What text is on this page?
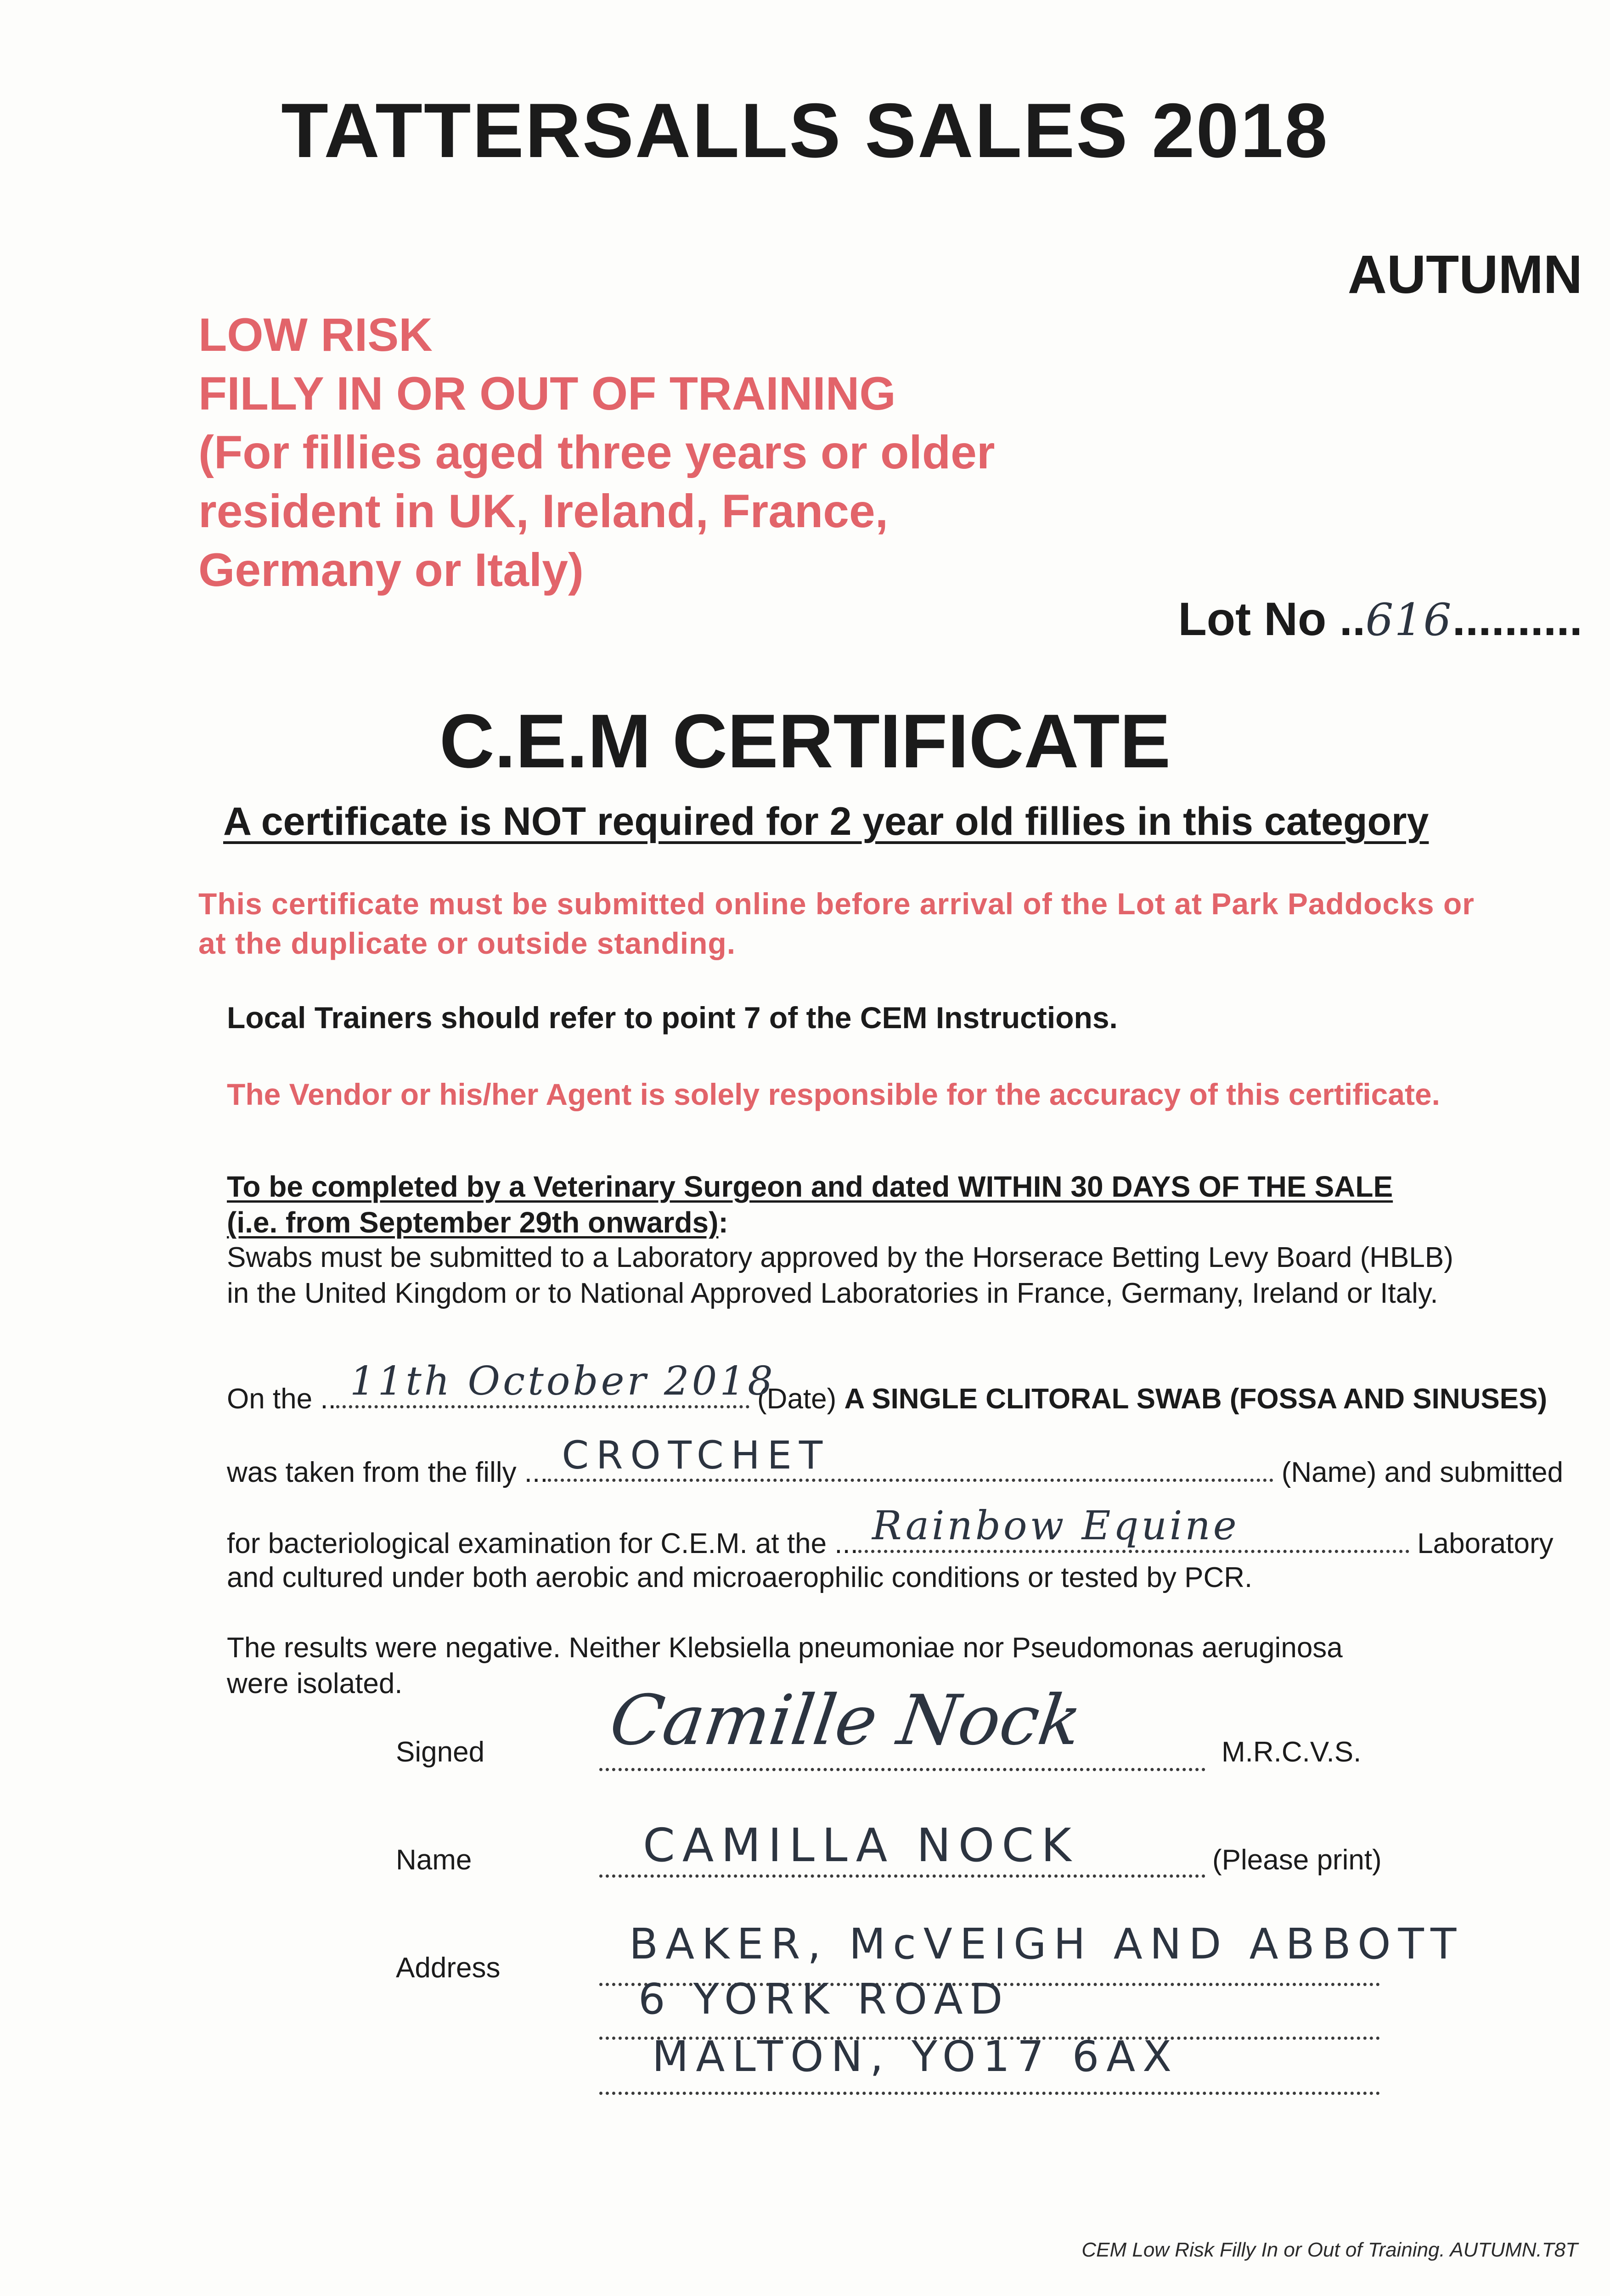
TATTERSALLS SALES 2018
AUTUMN
LOW RISK
FILLY IN OR OUT OF TRAINING
(For fillies aged three years or older
resident in UK, Ireland, France,
Germany or Italy)
Lot No ..616..........
C.E.M CERTIFICATE
A certificate is NOT required for 2 year old fillies in this category
This certificate must be submitted online before arrival of the Lot at Park Paddocks or
at the duplicate or outside standing.
Local Trainers should refer to point 7 of the CEM Instructions.
The Vendor or his/her Agent is solely responsible for the accuracy of this certificate.
To be completed by a Veterinary Surgeon and dated WITHIN 30 DAYS OF THE SALE
(i.e. from September 29th onwards):
Swabs must be submitted to a Laboratory approved by the Horserace Betting Levy Board (HBLB)
in the United Kingdom or to National Approved Laboratories in France, Germany, Ireland or Italy.
On the .. 11th October 2018
(Date) A SINGLE CLITORAL SWAB (FOSSA AND SINUSES)
was taken from the filly ... CROTCHET	(Name) and submitted
for bacteriological examination for C.E.M. at the ... Rainbow Equine	Laboratory
and cultured under both aerobic and microaerophilic conditions or tested by PCR.
The results were negative. Neither Klebsiella pneumoniae nor Pseudomonas aeruginosa
were isolated.
Signed Camille Nock	M.R.C.V.S.
Name	CAMILLA NOCK	(Please print)
Address	BAKER, McVEIGH AND ABBOTT
6 YORK ROAD
MALTON, YO17 6AX
CEM Low Risk Filly In or Out of Training. AUTUMN.T8T
